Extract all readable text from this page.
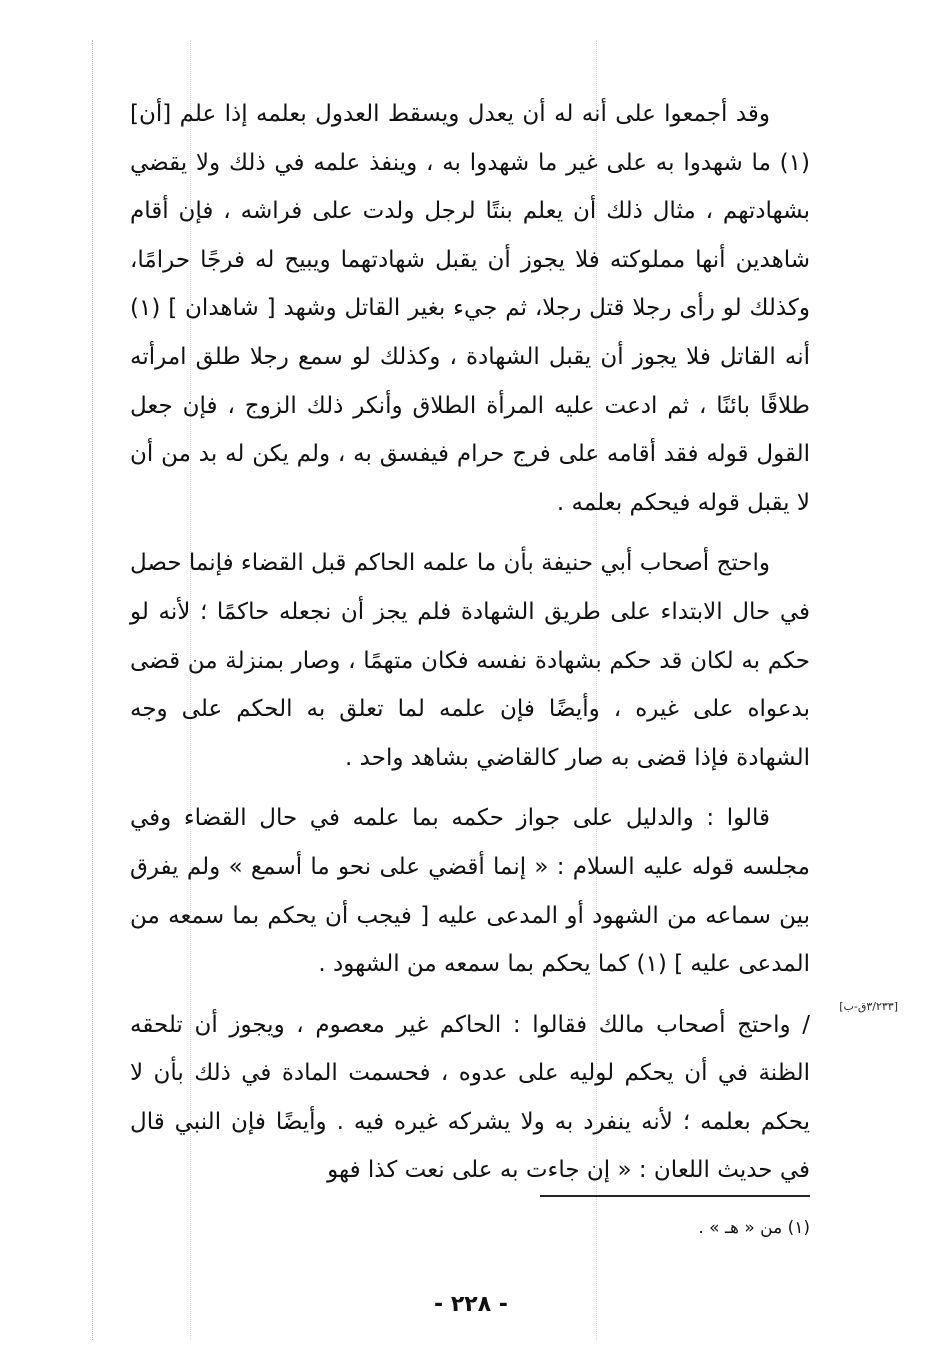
وقد أجمعوا على أنه له أن يعدل ويسقط العدول بعلمه إذا علم [أن](١) ما شهدوا به على غير ما شهدوا به ، وينفذ علمه في ذلك ولا يقضي بشهادتهم ، مثال ذلك أن يعلم بنتًا لرجل ولدت على فراشه ، فإن أقام شاهدين أنها مملوكته فلا يجوز أن يقبل شهادتهما ويبيح له فرجًا حرامًا، وكذلك لو رأى رجلا قتل رجلا، ثم جيء بغير القاتل وشهد [ شاهدان ] (١) أنه القاتل فلا يجوز أن يقبل الشهادة ، وكذلك لو سمع رجلا طلق امرأته طلاقًا بائنًا ، ثم ادعت عليه المرأة الطلاق وأنكر ذلك الزوج ، فإن جعل القول قوله فقد أقامه على فرج حرام فيفسق به ، ولم يكن له بد من أن لا يقبل قوله فيحكم بعلمه .

واحتج أصحاب أبي حنيفة بأن ما علمه الحاكم قبل القضاء فإنما حصل في حال الابتداء على طريق الشهادة فلم يجز أن نجعله حاكمًا ؛ لأنه لو حكم به لكان قد حكم بشهادة نفسه فكان متهمًا ، وصار بمنزلة من قضى بدعواه على غيره ، وأيضًا فإن علمه لما تعلق به الحكم على وجه الشهادة فإذا قضى به صار كالقاضي بشاهد واحد .

قالوا : والدليل على جواز حكمه بما علمه في حال القضاء وفي مجلسه قوله عليه السلام : « إنما أقضي على نحو ما أسمع » ولم يفرق بين سماعه من الشهود أو المدعى عليه [ فيجب أن يحكم بما سمعه من المدعى عليه ] (١) كما يحكم بما سمعه من الشهود .

/ واحتج أصحاب مالك فقالوا : الحاكم غير معصوم ، ويجوز أن تلحقه الظنة في أن يحكم لوليه على عدوه ، فحسمت المادة في ذلك بأن لا يحكم بعلمه ؛ لأنه ينفرد به ولا يشركه غيره فيه . وأيضًا فإن النبي قال في حديث اللعان : « إن جاءت به على نعت كذا فهو

[٣/٢٣٣ق-ب]
(١) من « هـ » .
- ٢٢٨ -
